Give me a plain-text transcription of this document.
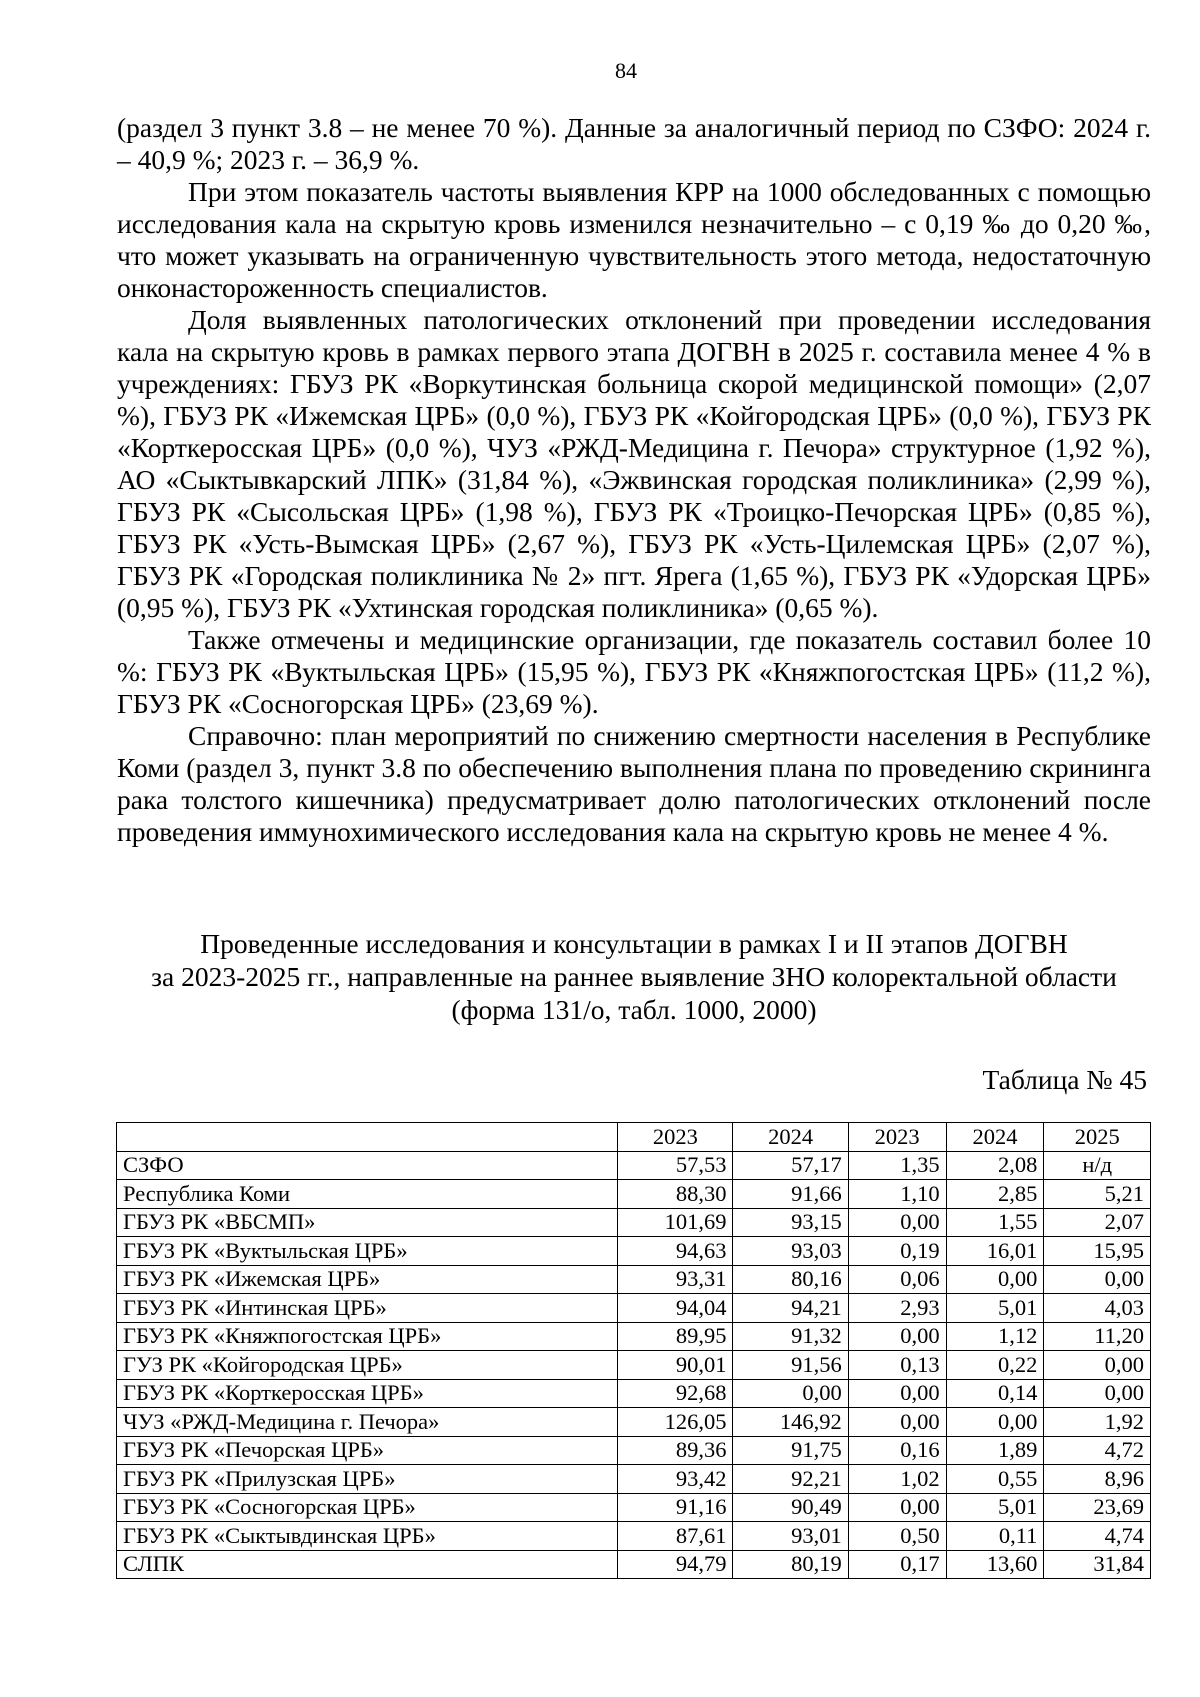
84

(раздел 3 пункт 3.8 – не менее 70 %). Данные за аналогичный период по СЗФО: 2024 г. – 40,9 %; 2023 г. – 36,9 %.

При этом показатель частоты выявления КРР на 1000 обследованных с помощью исследования кала на скрытую кровь изменился незначительно – с 0,19 ‰ до 0,20 ‰, что может указывать на ограниченную чувствительность этого метода, недостаточную онконастороженность специалистов.

Доля выявленных патологических отклонений при проведении исследования кала на скрытую кровь в рамках первого этапа ДОГВН в 2025 г. составила менее 4 % в учреждениях: ГБУЗ РК «Воркутинская больница скорой медицинской помощи» (2,07 %), ГБУЗ РК «Ижемская ЦРБ» (0,0 %), ГБУЗ РК «Койгородская ЦРБ» (0,0 %), ГБУЗ РК «Корткеросская ЦРБ» (0,0 %), ЧУЗ «РЖД-Медицина г. Печора» структурное (1,92 %), АО «Сыктывкарский ЛПК» (31,84 %), «Эжвинская городская поликлиника» (2,99 %), ГБУЗ РК «Сысольская ЦРБ» (1,98 %), ГБУЗ РК «Троицко-Печорская ЦРБ» (0,85 %), ГБУЗ РК «Усть-Вымская ЦРБ» (2,67 %), ГБУЗ РК «Усть-Цилемская ЦРБ» (2,07 %), ГБУЗ РК «Городская поликлиника № 2» пгт. Ярега (1,65 %), ГБУЗ РК «Удорская ЦРБ» (0,95 %), ГБУЗ РК «Ухтинская городская поликлиника» (0,65 %).

Также отмечены и медицинские организации, где показатель составил более 10 %: ГБУЗ РК «Вуктыльская ЦРБ» (15,95 %), ГБУЗ РК «Княжпогостская ЦРБ» (11,2 %), ГБУЗ РК «Сосногорская ЦРБ» (23,69 %).

Справочно: план мероприятий по снижению смертности населения в Республике Коми (раздел 3, пункт 3.8 по обеспечению выполнения плана по проведению скрининга рака толстого кишечника) предусматривает долю патологических отклонений после проведения иммунохимического исследования кала на скрытую кровь не менее 4 %.

Проведенные исследования и консультации в рамках I и II этапов ДОГВН
за 2023-2025 гг., направленные на раннее выявление ЗНО колоректальной области
(форма 131/о, табл. 1000, 2000)
Таблица № 45
	2023	2024	2023	2024	2025
СЗФО	57,53	57,17	1,35	2,08	н/д
Республика Коми	88,30	91,66	1,10	2,85	5,21
ГБУЗ РК «ВБСМП»	101,69	93,15	0,00	1,55	2,07
ГБУЗ РК «Вуктыльская ЦРБ»	94,63	93,03	0,19	16,01	15,95
ГБУЗ РК «Ижемская ЦРБ»	93,31	80,16	0,06	0,00	0,00
ГБУЗ РК «Интинская ЦРБ»	94,04	94,21	2,93	5,01	4,03
ГБУЗ РК «Княжпогостская ЦРБ»	89,95	91,32	0,00	1,12	11,20
ГУЗ РК «Койгородская ЦРБ»	90,01	91,56	0,13	0,22	0,00
ГБУЗ РК «Корткеросская ЦРБ»	92,68	0,00	0,00	0,14	0,00
ЧУЗ «РЖД-Медицина г. Печора»	126,05	146,92	0,00	0,00	1,92
ГБУЗ РК «Печорская ЦРБ»	89,36	91,75	0,16	1,89	4,72
ГБУЗ РК «Прилузская ЦРБ»	93,42	92,21	1,02	0,55	8,96
ГБУЗ РК «Сосногорская ЦРБ»	91,16	90,49	0,00	5,01	23,69
ГБУЗ РК «Сыктывдинская ЦРБ»	87,61	93,01	0,50	0,11	4,74
СЛПК	94,79	80,19	0,17	13,60	31,84
